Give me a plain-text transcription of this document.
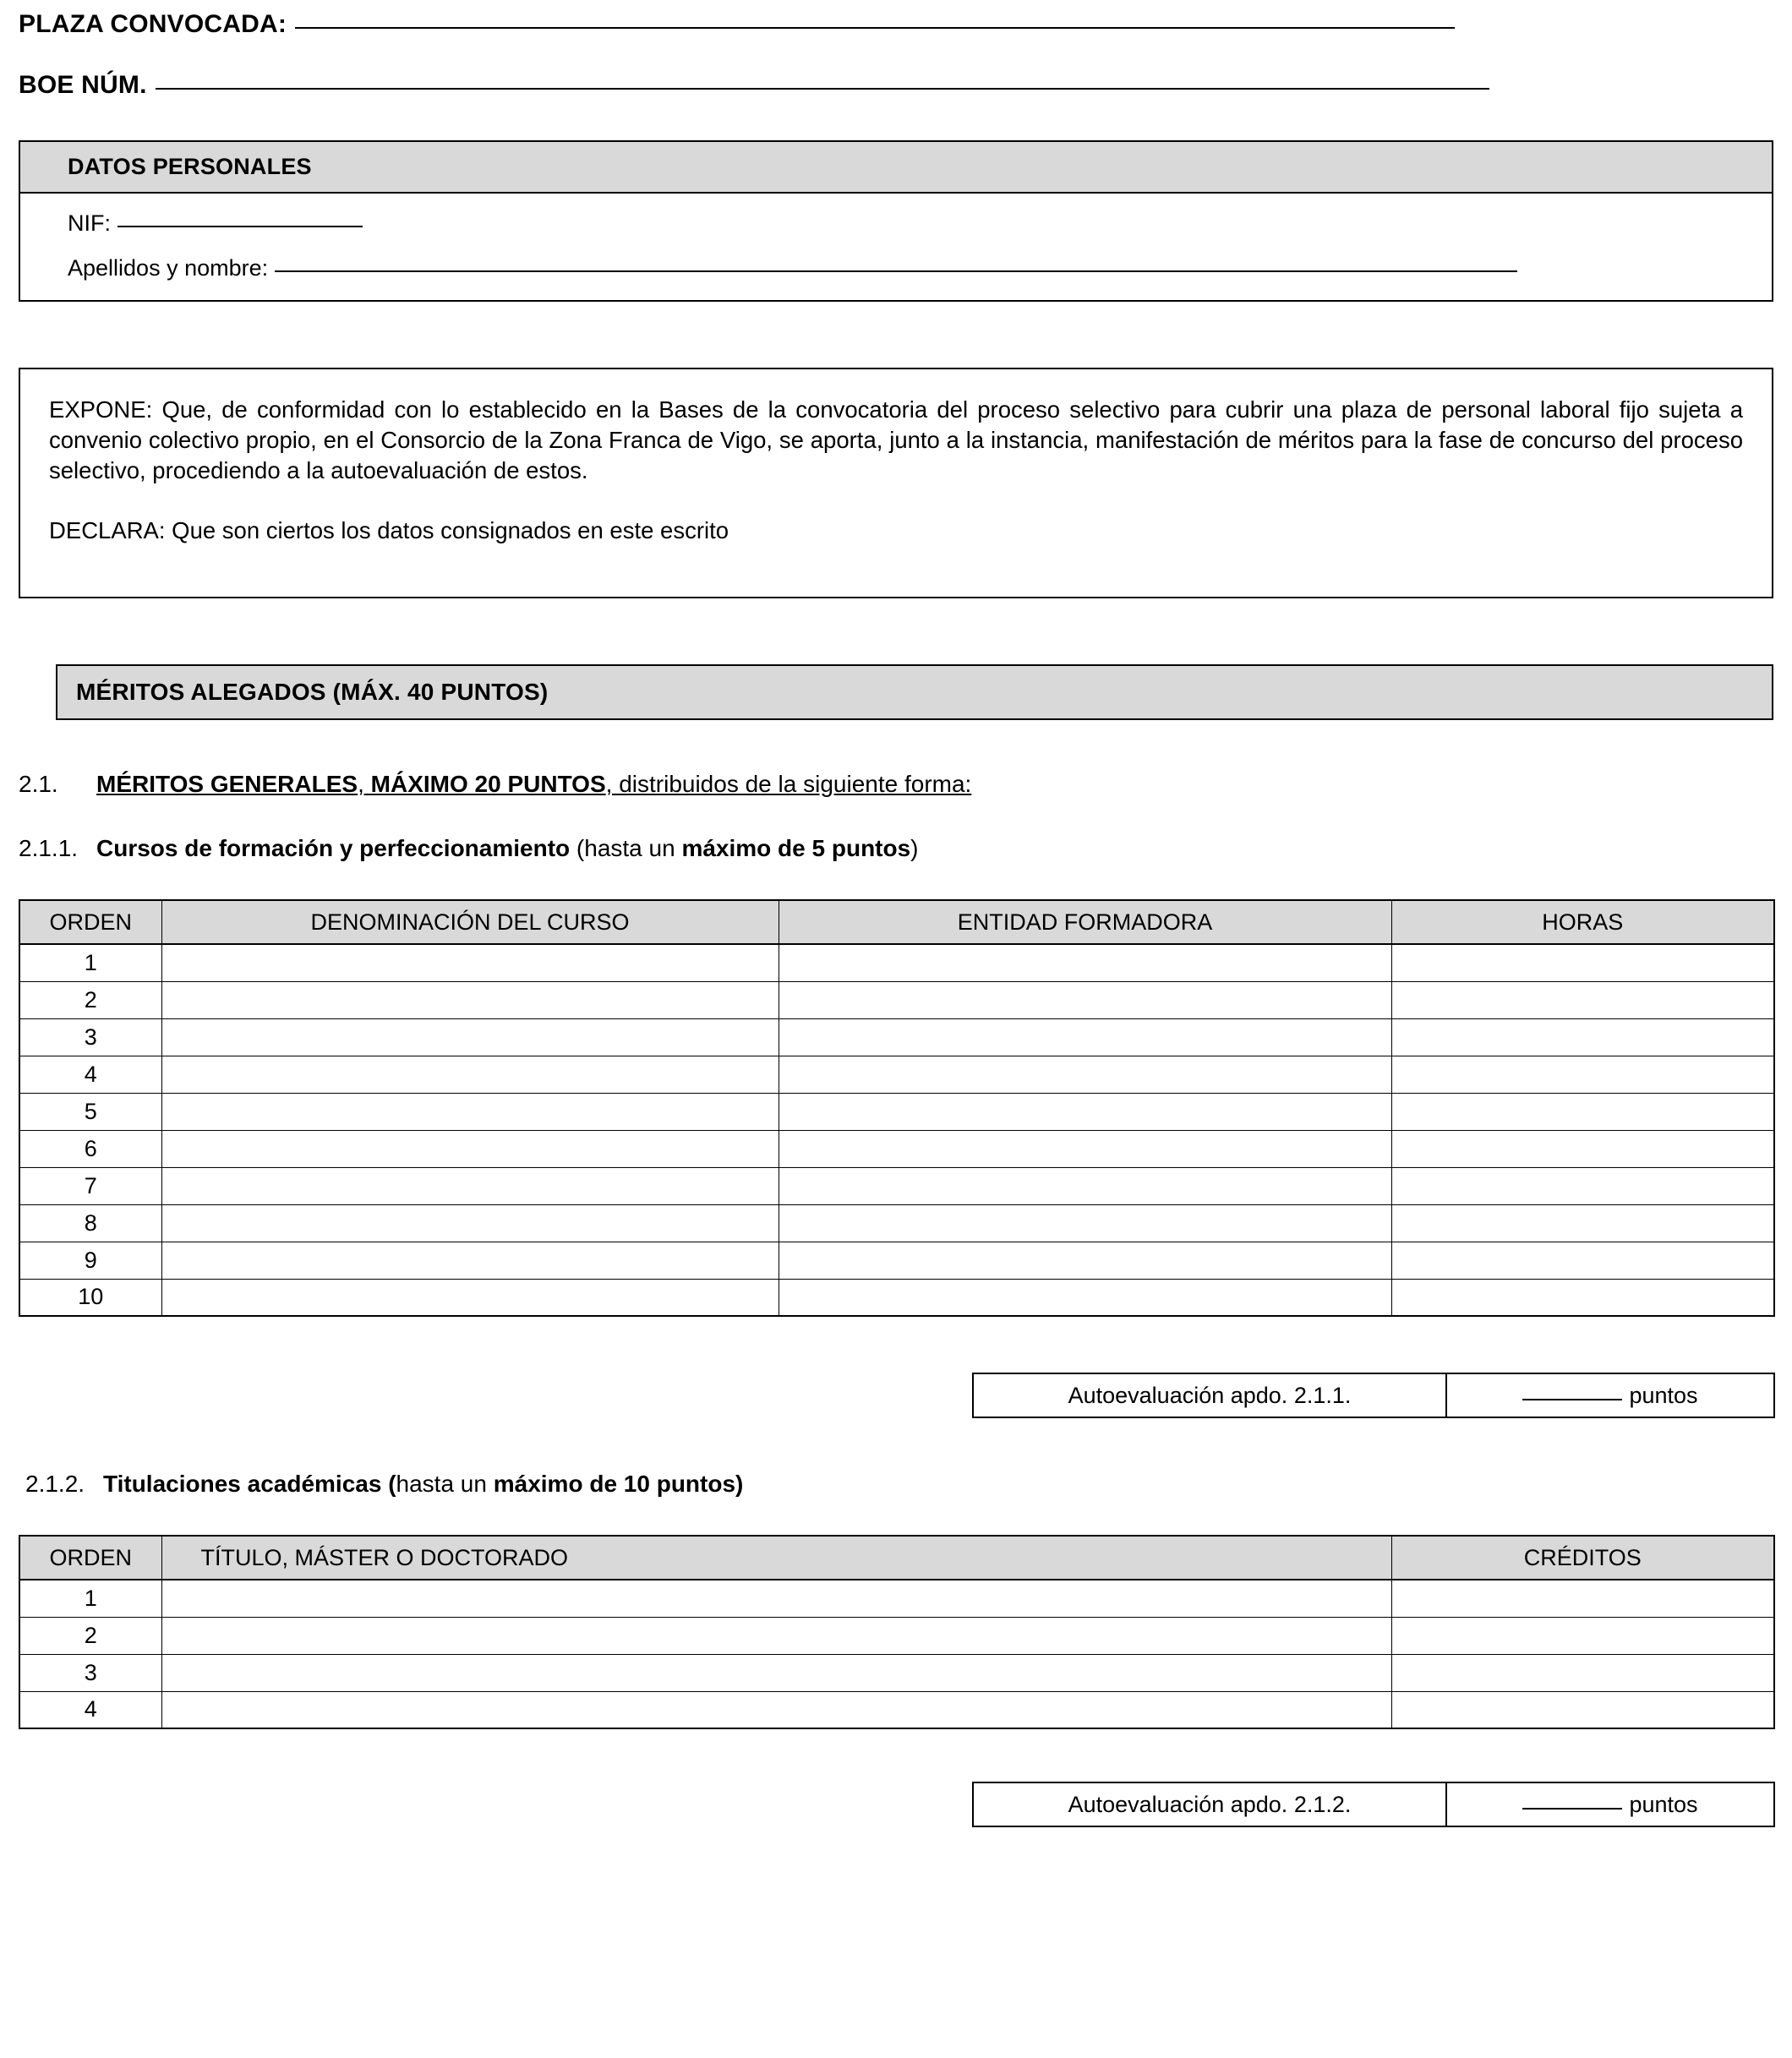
PLAZA CONVOCADA:
BOE NÚM.
DATOS PERSONALES
NIF:
Apellidos y nombre:

EXPONE: Que, de conformidad con lo establecido en la Bases de la convocatoria del proceso selectivo para cubrir una plaza de personal laboral fijo sujeta a convenio colectivo propio, en el Consorcio de la Zona Franca de Vigo, se aporta, junto a la instancia, manifestación de méritos para la fase de concurso del proceso selectivo, procediendo a la autoevaluación de estos.

DECLARA: Que son ciertos los datos consignados en este escrito

MÉRITOS ALEGADOS (MÁX. 40 PUNTOS)
2.1.	MÉRITOS GENERALES, MÁXIMO 20 PUNTOS, distribuidos de la siguiente forma:
2.1.1. Cursos de formación y perfeccionamiento (hasta un máximo de 5 puntos)
ORDEN	DENOMINACIÓN DEL CURSO	ENTIDAD FORMADORA	HORAS
1			
2			
3			
4			
5			
6			
7			
8			
9			
10			
Autoevaluación apdo. 2.1.1.	puntos
2.1.2. Titulaciones académicas (hasta un máximo de 10 puntos)
ORDEN	TÍTULO, MÁSTER O DOCTORADO	CRÉDITOS
1		
2		
3		
4		
Autoevaluación apdo. 2.1.2.	puntos
